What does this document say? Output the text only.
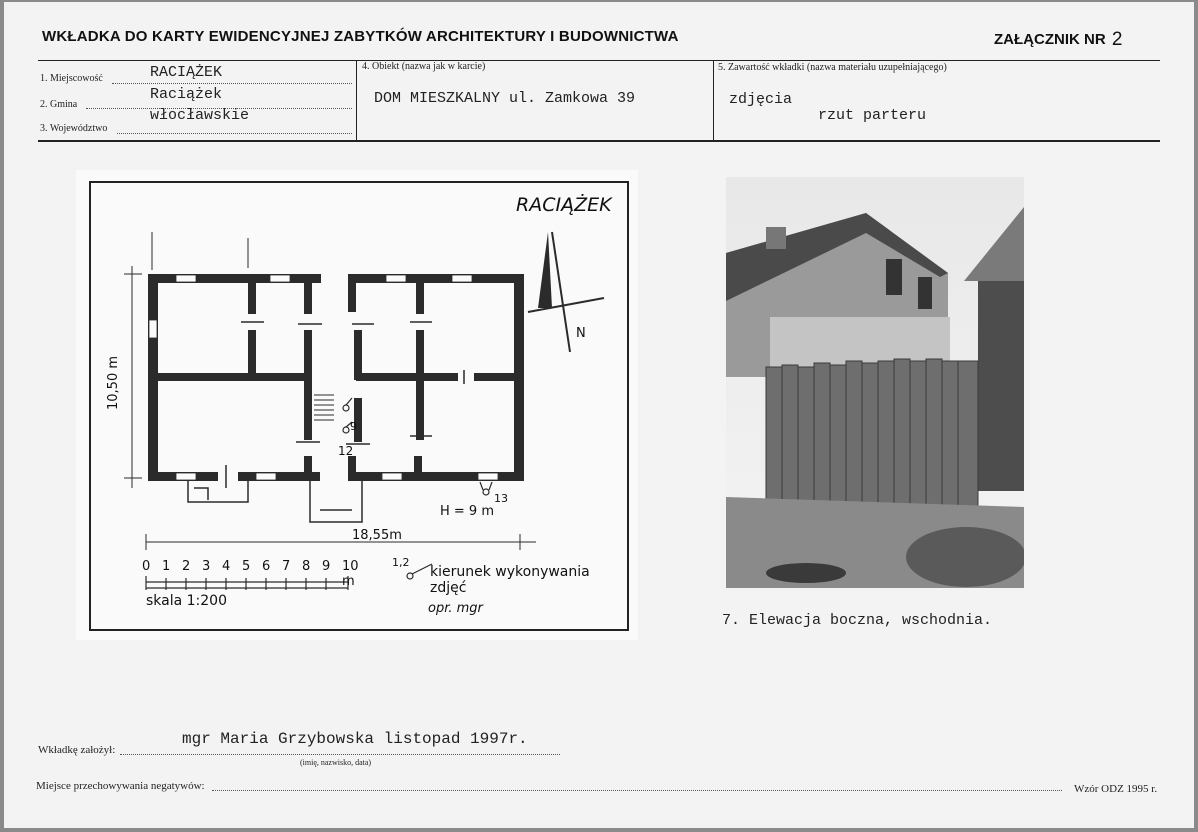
WKŁADKA DO KARTY EWIDENCYJNEJ ZABYTKÓW ARCHITEKTURY I BUDOWNICTWA	ZAŁĄCZNIK NR 2
1. Miejscowość	RACIĄŻEK
2. Gmina
Raciążek
3. Województwo
włocławskie
4. Obiekt (nazwa jak w karcie)
DOM MIESZKALNY ul. Zamkowa 39
5. Zawartość wkładki (nazwa materiału uzupełniającego)
zdjęcia
rzut parteru
RACIĄŻEK
N
10,50 m
18,55m
9
12
H = 9 m
13
0 1 2 3 4 5 6 7 8 9 10 m
skala 1:200
1,2
kierunek wykonywania
zdjęć
opr. mgr
7. Elewacja boczna, wschodnia.
Wkładkę założył:
mgr Maria Grzybowska listopad 1997r.
(imię, nazwisko, data)
Miejsce przechowywania negatywów:	Wzór ODZ 1995 r.
